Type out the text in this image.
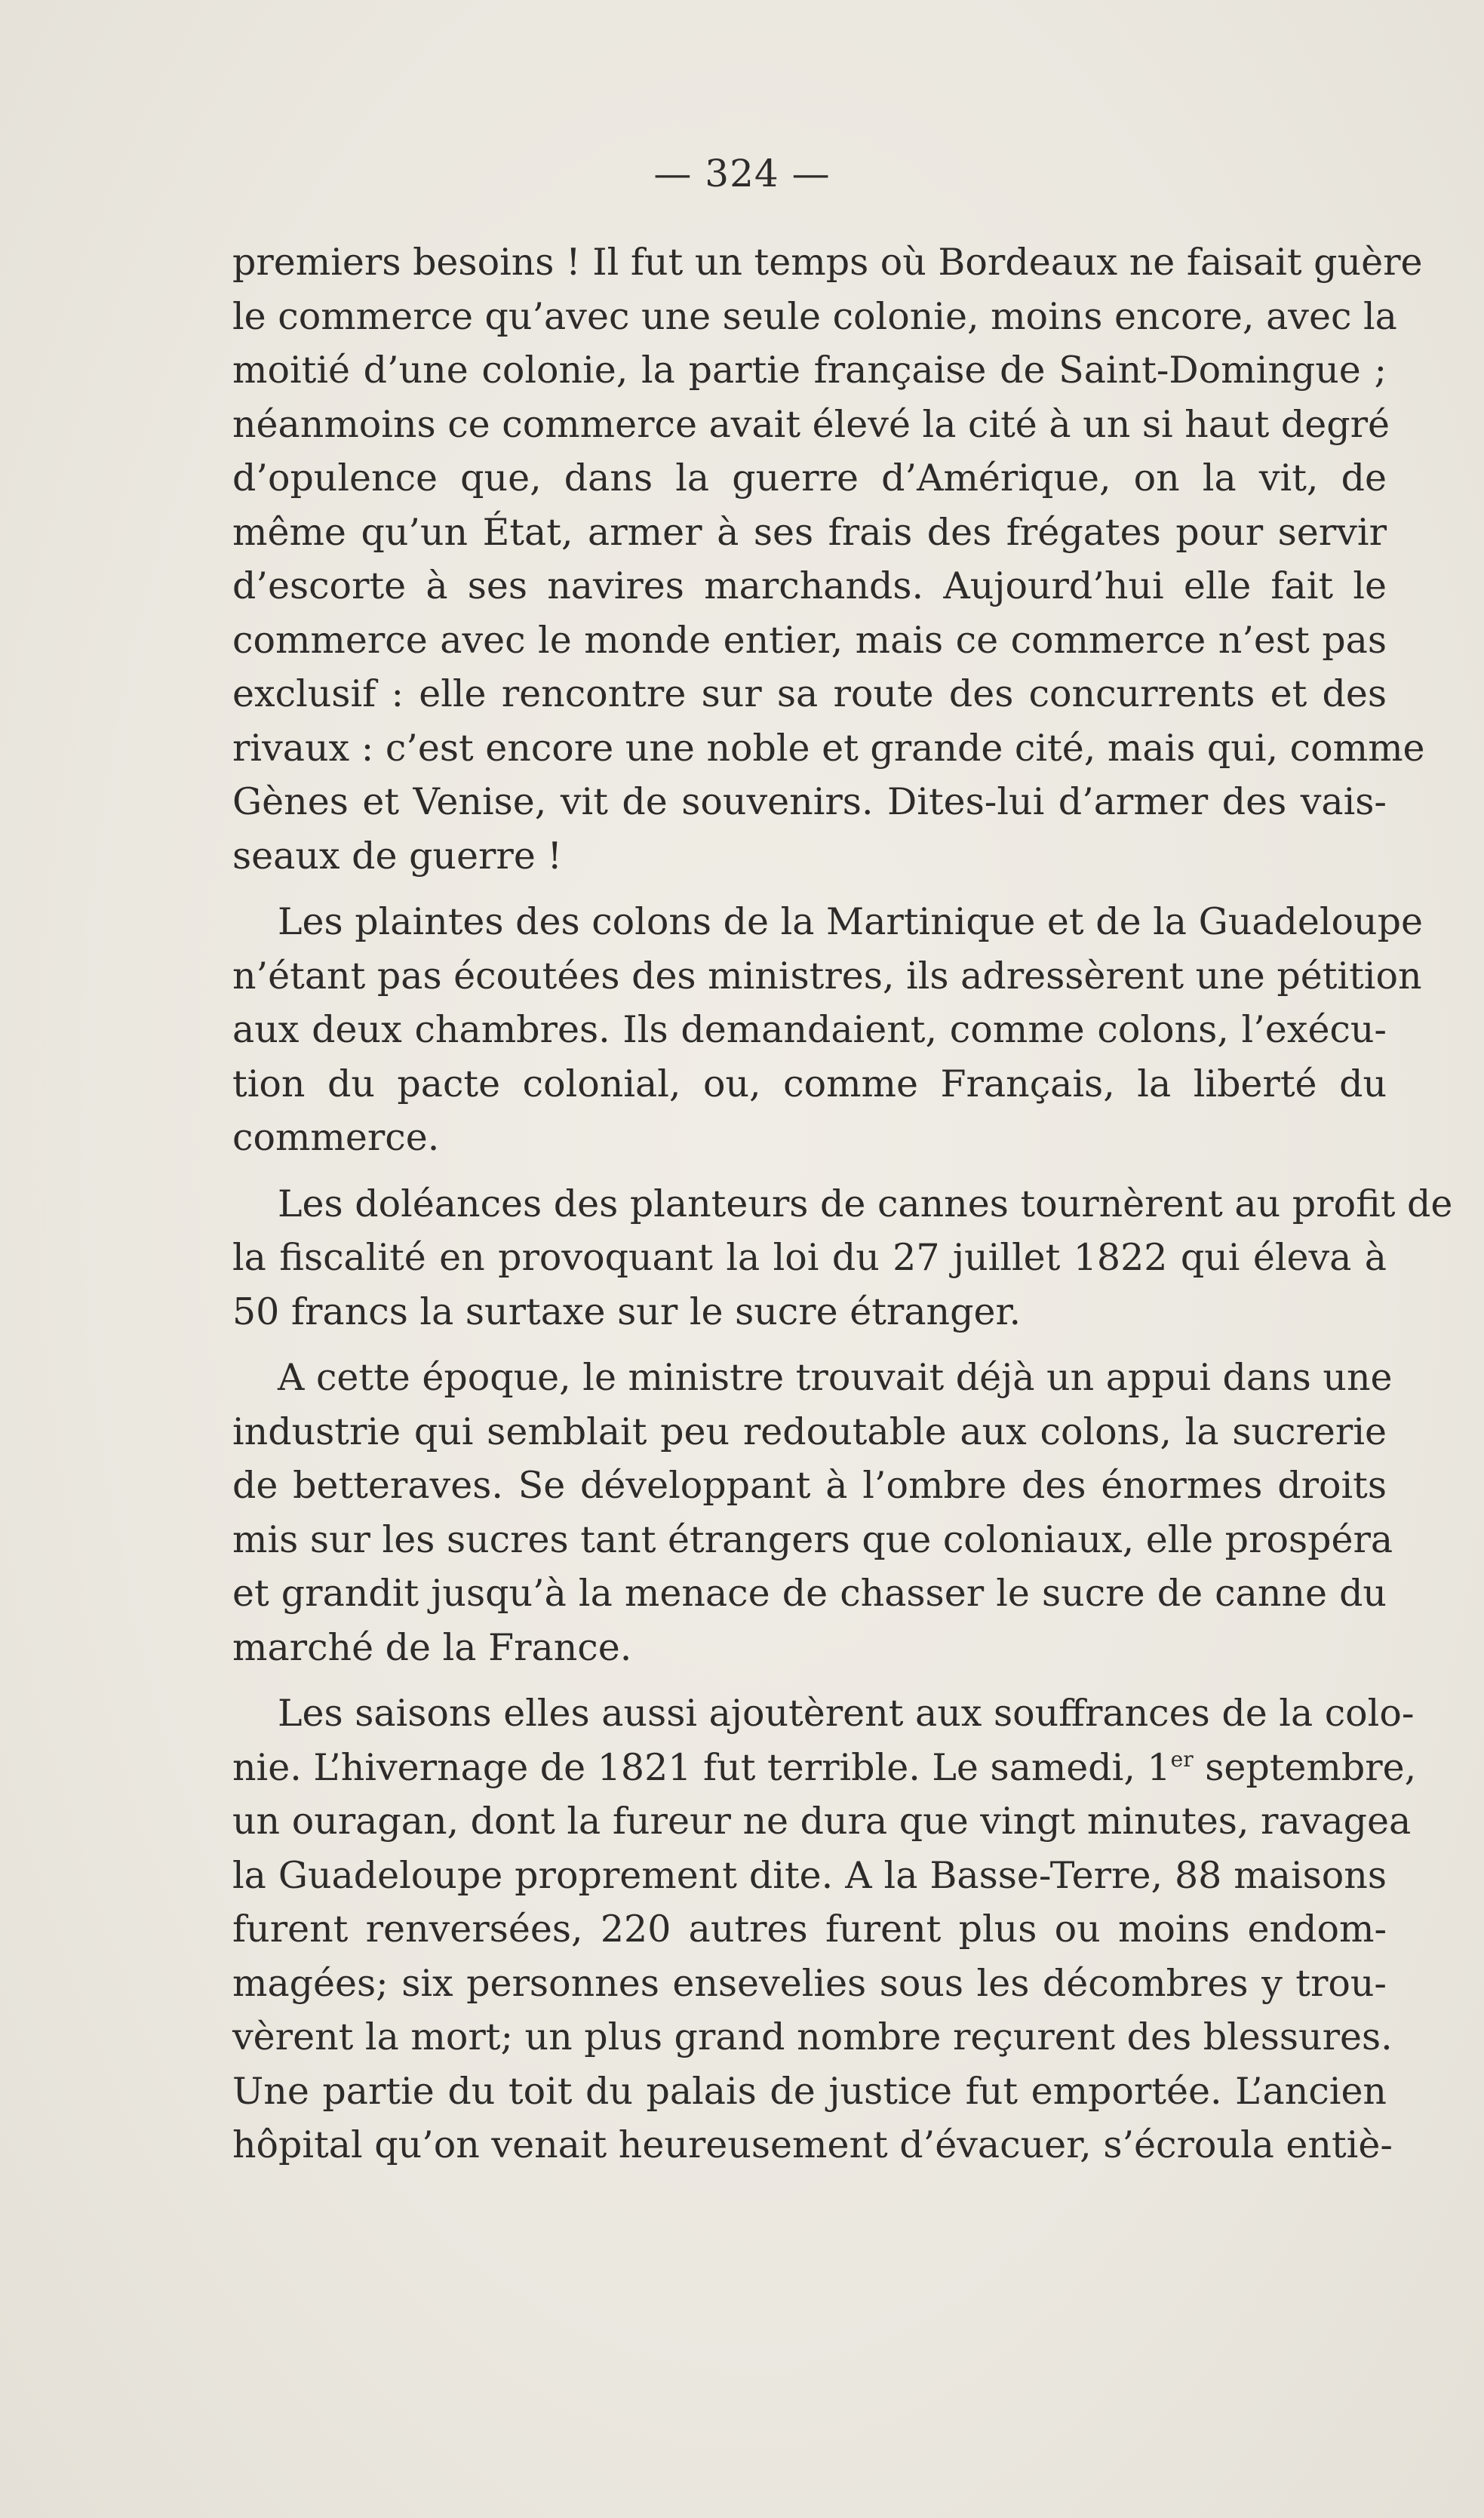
— 324 —
premiers besoins ! Il fut un temps où Bordeaux ne faisait guère
le commerce qu’avec une seule colonie, moins encore, avec la
moitié d’une colonie, la partie française de Saint-Domingue ;
néanmoins ce commerce avait élevé la cité à un si haut degré
d’opulence que, dans la guerre d’Amérique, on la vit, de
même qu’un État, armer à ses frais des frégates pour servir
d’escorte à ses navires marchands. Aujourd’hui elle fait le
commerce avec le monde entier, mais ce commerce n’est pas
exclusif : elle rencontre sur sa route des concurrents et des
rivaux : c’est encore une noble et grande cité, mais qui, comme
Gènes et Venise, vit de souvenirs. Dites-lui d’armer des vais-
seaux de guerre !
Les plaintes des colons de la Martinique et de la Guadeloupe
n’étant pas écoutées des ministres, ils adressèrent une pétition
aux deux chambres. Ils demandaient, comme colons, l’exécu-
tion du pacte colonial, ou, comme Français, la liberté du
commerce.
Les doléances des planteurs de cannes tournèrent au profit de
la fiscalité en provoquant la loi du 27 juillet 1822 qui éleva à
50 francs la surtaxe sur le sucre étranger.
A cette époque, le ministre trouvait déjà un appui dans une
industrie qui semblait peu redoutable aux colons, la sucrerie
de betteraves. Se développant à l’ombre des énormes droits
mis sur les sucres tant étrangers que coloniaux, elle prospéra
et grandit jusqu’à la menace de chasser le sucre de canne du
marché de la France.
Les saisons elles aussi ajoutèrent aux souffrances de la colo-
nie. L’hivernage de 1821 fut terrible. Le samedi, 1er septembre,
un ouragan, dont la fureur ne dura que vingt minutes, ravagea
la Guadeloupe proprement dite. A la Basse-Terre, 88 maisons
furent renversées, 220 autres furent plus ou moins endom-
magées; six personnes ensevelies sous les décombres y trou-
vèrent la mort; un plus grand nombre reçurent des blessures.
Une partie du toit du palais de justice fut emportée. L’ancien
hôpital qu’on venait heureusement d’évacuer, s’écroula entiè-
